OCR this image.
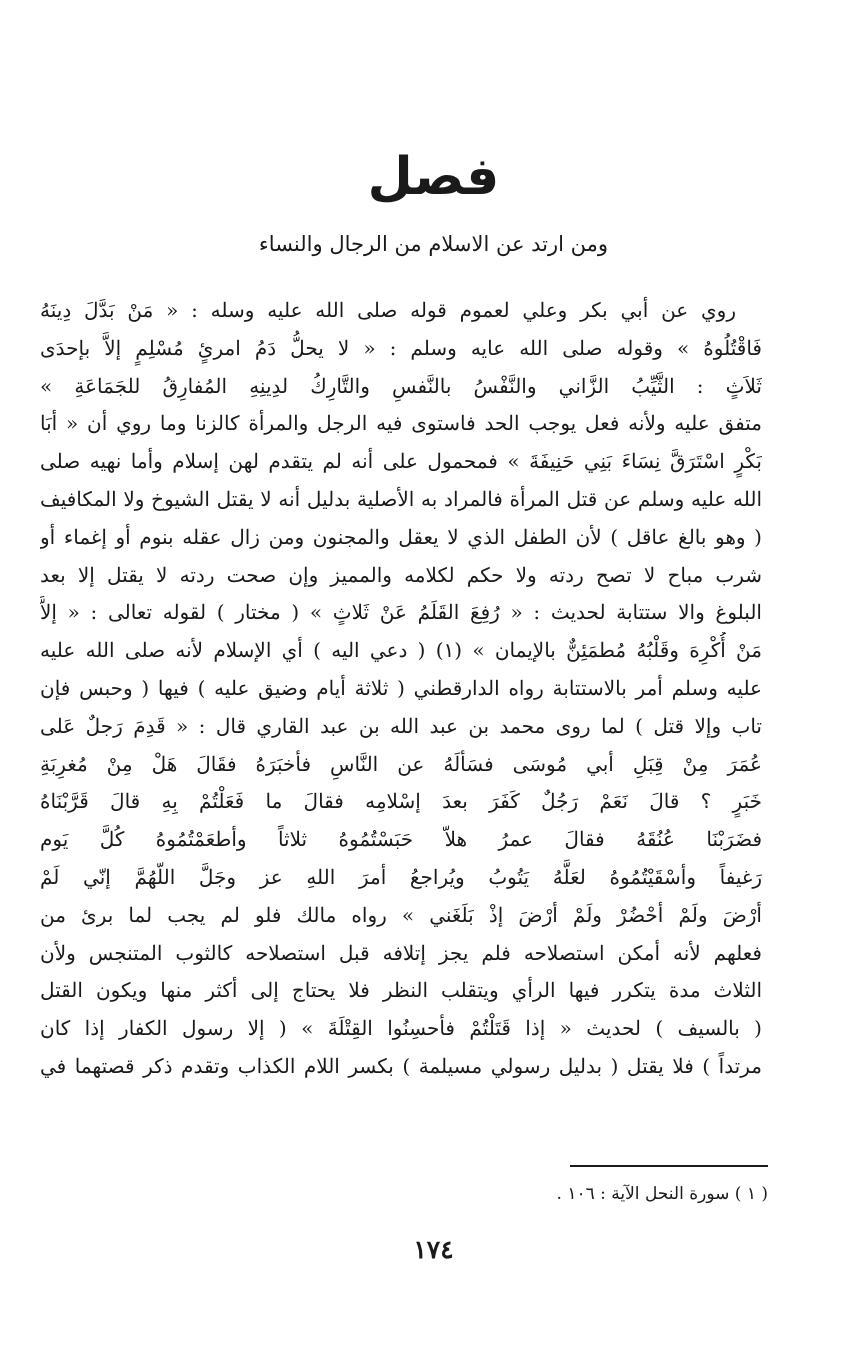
فصل
ومن ارتد عن الاسلام من الرجال والنساء
روي عن أبي بكر وعلي لعموم قوله صلى الله عليه وسله : « مَنْ بَدَّلَ دِينَهُ
فَاقْتُلُوهُ » وقوله صلى الله عايه وسلم : « لا يحلُّ دَمُ امرئٍ مُسْلِمٍ إلاَّ بإحدَى
ثَلاَثٍ : الثَّيِّبُ الزَّاني والنَّفْسُ بالنَّفسِ والتَّارِكُ لدِينِهِ المُفارِقُ للجَمَاعَةِ »
متفق عليه ولأنه فعل يوجب الحد فاستوى فيه الرجل والمرأة كالزنا وما روي أن « أبَا
بَكْرٍ اسْتَرَقَّ نِسَاءَ بَنِي حَنِيفَةَ » فمحمول على أنه لم يتقدم لهن إسلام وأما نهيه صلى
الله عليه وسلم عن قتل المرأة فالمراد به الأصلية بدليل أنه لا يقتل الشيوخ ولا المكافيف
( وهو بالغ عاقل ) لأن الطفل الذي لا يعقل والمجنون ومن زال عقله بنوم أو إغماء أو
شرب مباح لا تصح ردته ولا حكم لكلامه والمميز وإن صحت ردته لا يقتل إلا بعد
البلوغ والا ستتابة لحديث : « رُفِعَ القَلَمُ عَنْ ثَلاثٍ » ( مختار ) لقوله تعالى : « إلاَّ
مَنْ أُكْرِهَ وقَلْبُهُ مُطمَئِنٌّ بالإيمان » (١) ( دعي اليه ) أي الإسلام لأنه صلى الله عليه
عليه وسلم أمر بالاستتابة رواه الدارقطني ( ثلاثة أيام وضيق عليه ) فيها ( وحبس فإن
تاب وإلا قتل ) لما روى محمد بن عبد الله بن عبد القاري قال : « قَدِمَ رَجلٌ عَلى
عُمَرَ مِنْ قِبَلِ أبي مُوسَى فسَألَهُ عن النَّاسِ فأخبَرَهُ فقَالَ هَلْ مِنْ مُغرِبَةِ
خَبَرٍ ؟ قالَ نَعَمْ رَجُلٌ كَفَرَ بعدَ إسْلامِه فقالَ ما فَعَلْتُمْ بِهِ قالَ قَرَّبْنَاهُ
فضَرَبْنَا عُنُقَهُ فقالَ عمرُ هلاّ حَبَسْتُمُوهُ ثلاثاً وأطعَمْتُمُوهُ كُلَّ يَوم
رَغيفاً وأسْقَيْتُمُوهُ لعَلَّهُ يَتُوبُ ويُراجعُ أمرَ اللهِ عز وجَلَّ اللّهُمَّ إنّي لَمْ
أرْضَ ولَمْ أحْضُرْ ولَمْ أرْضَ إذْ بَلَغَني » رواه مالك فلو لم يجب لما برئ من
فعلهم لأنه أمكن استصلاحه فلم يجز إتلافه قبل استصلاحه كالثوب المتنجس ولأن
الثلاث مدة يتكرر فيها الرأي ويتقلب النظر فلا يحتاج إلى أكثر منها ويكون القتل
( بالسيف ) لحديث « إذا قَتَلْتُمْ فأحسِنُوا القِتْلَةَ » ( إلا رسول الكفار إذا كان
مرتداً ) فلا يقتل ( بدليل رسولي مسيلمة ) بكسر اللام الكذاب وتقدم ذكر قصتهما في
( ١ ) سورة النحل الآية : ١٠٦ .
١٧٤
